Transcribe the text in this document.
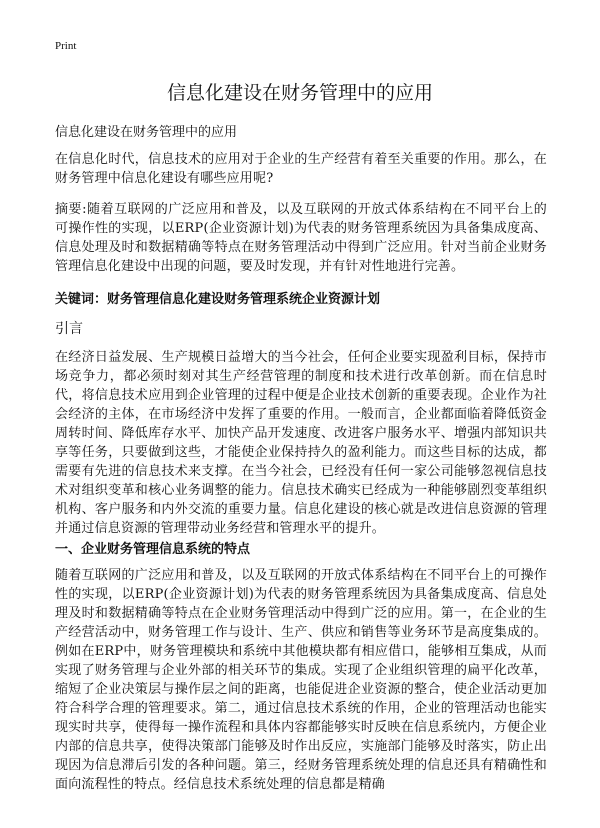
Print
信息化建设在财务管理中的应用
信息化建设在财务管理中的应用
在信息化时代，信息技术的应用对于企业的生产经营有着至关重要的作用。那么，在财务管理中信息化建设有哪些应用呢?
摘要:随着互联网的广泛应用和普及，以及互联网的开放式体系结构在不同平台上的可操作性的实现，以ERP(企业资源计划)为代表的财务管理系统因为具备集成度高、信息处理及时和数据精确等特点在财务管理活动中得到广泛应用。针对当前企业财务管理信息化建设中出现的问题，要及时发现，并有针对性地进行完善。
关键词：财务管理信息化建设财务管理系统企业资源计划
引言
在经济日益发展、生产规模日益增大的当今社会，任何企业要实现盈利目标，保持市场竞争力，都必须时刻对其生产经营管理的制度和技术进行改革创新。而在信息时代，将信息技术应用到企业管理的过程中便是企业技术创新的重要表现。企业作为社会经济的主体，在市场经济中发挥了重要的作用。一般而言，企业都面临着降低资金周转时间、降低库存水平、加快产品开发速度、改进客户服务水平、增强内部知识共享等任务，只要做到这些，才能使企业保持持久的盈利能力。而这些目标的达成，都需要有先进的信息技术来支撑。在当今社会，已经没有任何一家公司能够忽视信息技术对组织变革和核心业务调整的能力。信息技术确实已经成为一种能够剧烈变革组织机构、客户服务和内外交流的重要力量。信息化建设的核心就是改进信息资源的管理并通过信息资源的管理带动业务经营和管理水平的提升。
一、企业财务管理信息系统的特点
随着互联网的广泛应用和普及，以及互联网的开放式体系结构在不同平台上的可操作性的实现，以ERP(企业资源计划)为代表的财务管理系统因为具备集成度高、信息处理及时和数据精确等特点在企业财务管理活动中得到广泛的应用。第一，在企业的生产经营活动中，财务管理工作与设计、生产、供应和销售等业务环节是高度集成的。例如在ERP中，财务管理模块和系统中其他模块都有相应借口，能够相互集成，从而实现了财务管理与企业外部的相关环节的集成。实现了企业组织管理的扁平化改革，缩短了企业决策层与操作层之间的距离，也能促进企业资源的整合，使企业活动更加符合科学合理的管理要求。第二，通过信息技术系统的作用，企业的管理活动也能实现实时共享，使得每一操作流程和具体内容都能够实时反映在信息系统内，方便企业内部的信息共享，使得决策部门能够及时作出反应，实施部门能够及时落实，防止出现因为信息滞后引发的各种问题。第三，经财务管理系统处理的信息还具有精确性和面向流程性的特点。经信息技术系统处理的信息都是精确
